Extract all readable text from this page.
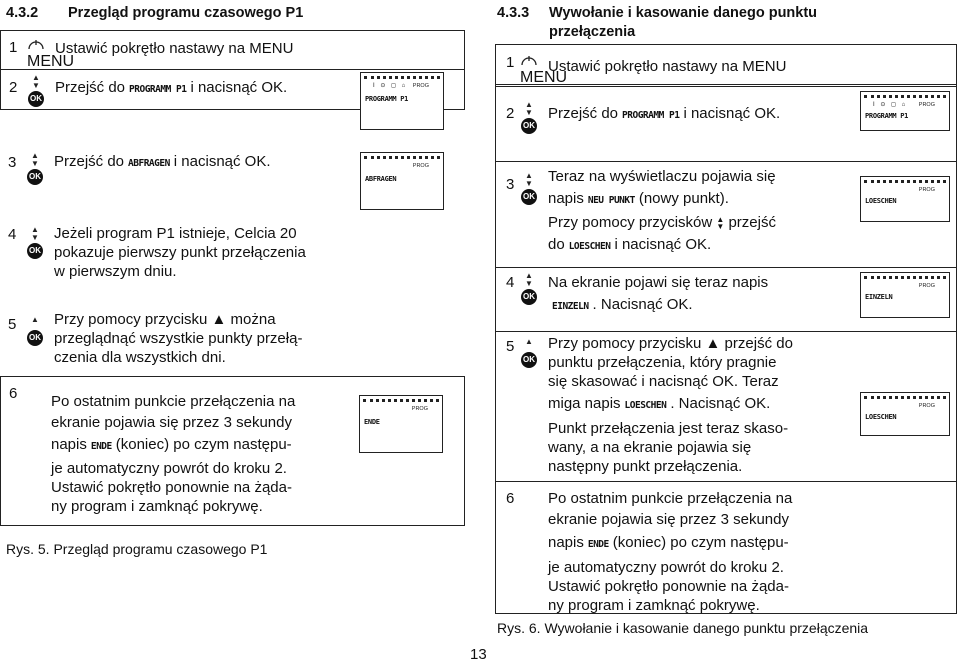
4.3.2 Przegląd programu czasowego P1
1
MENU
Ustawić pokrętło nastawy na MENU
2
▲
▼
OK
Przejść do PROGRAMM P1 i nacisnąć OK.	I ⊙ ◻ ⌂ PROG
PROGRAMM P1
3	▲
▼
OK
Przejść do ABFRAGEN i nacisnąć OK.	PROG
ABFRAGEN
4	▲
▼
OK
Jeżeli program P1 istnieje, Celcia 20
pokazuje pierwszy punkt przełączenia
w pierwszym dniu.
5	▲
OK
Przy pomocy przycisku ▲ można
przeglądnąć wszystkie punkty przełą-
czenia dla wszystkich dni.
6 Po ostatnim punkcie przełączenia na
ekranie pojawia się przez 3 sekundy
napis ENDE (koniec) po czym następu-
je automatyczny powrót do kroku 2.
Ustawić pokrętło ponownie na żąda-
ny program i zamknąć pokrywę.
PROG
ENDE
Rys. 5. Przegląd programu czasowego P1
4.3.3 Wywołanie i kasowanie danego punktu
przełączenia
1
MENU
Ustawić pokrętło nastawy na MENU
2
▲
▼
OK
Przejść do PROGRAMM P1 i nacisnąć OK.	I ⊙ ◻ ⌂ PROG
PROGRAMM P1
3
▲
▼
OK
Teraz na wyświetlaczu pojawia się
napis NEU PUNKT (nowy punkt).
Przy pomocy przycisków ▲
▼ przejść
do LOESCHEN i nacisnąć OK.
PROG
LOESCHEN
4	▲
▼
OK
Na ekranie pojawi się teraz napis
EINZELN . Nacisnąć OK.
PROG
EINZELN
5	▲
OK
Przy pomocy przycisku ▲ przejść do
punktu przełączenia, który pragnie
się skasować i nacisnąć OK. Teraz
miga napis LOESCHEN . Nacisnąć OK.
Punkt przełączenia jest teraz skaso-
wany, a na ekranie pojawia się
następny punkt przełączenia.
PROG
LOESCHEN
6 Po ostatnim punkcie przełączenia na
ekranie pojawia się przez 3 sekundy
napis ENDE (koniec) po czym następu-
je automatyczny powrót do kroku 2.
Ustawić pokrętło ponownie na żąda-
ny program i zamknąć pokrywę.
Rys. 6. Wywołanie i kasowanie danego punktu przełączenia
13
